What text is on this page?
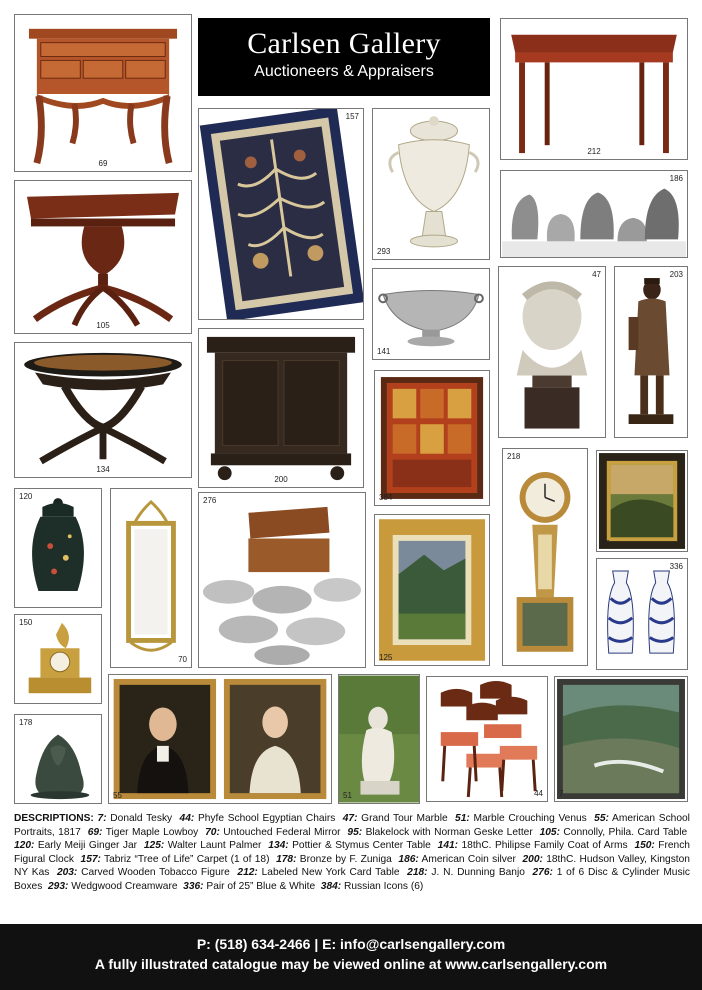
Carlsen Gallery
Auctioneers & Appraisers
69
212
157
293
186
105
141
47	203
134
200
384
218
95
120
70
276
125
336
150
178
55	51	44 7
DESCRIPTIONS: 7: Donald Tesky 44: Phyfe School Egyptian Chairs 47: Grand Tour Marble 51: Marble Crouching Venus 55: American School Portraits, 1817 69: Tiger Maple Lowboy 70: Untouched Federal Mirror 95: Blakelock with Norman Geske Letter 105: Connolly, Phila. Card Table  120: Early Meiji Ginger Jar 125: Walter Launt Palmer 134: Pottier & Stymus Center Table 141: 18thC. Philipse Family Coat of Arms 150: French Figural Clock 157: Tabriz “Tree of Life” Carpet (1 of 18) 178: Bronze by F. Zuniga 186: American Coin silver 200: 18thC. Hudson Valley, Kingston NY Kas 203: Carved Wooden Tobacco Figure 212: Labeled New York Card Table 218: J. N. Dunning Banjo 276: 1 of 6 Disc & Cylinder Music Boxes 293: Wedgwood Creamware 336: Pair of 25” Blue & White 384: Russian Icons (6)
P: (518) 634-2466 | E: info@carlsengallery.com
A fully illustrated catalogue may be viewed online at www.carlsengallery.com
